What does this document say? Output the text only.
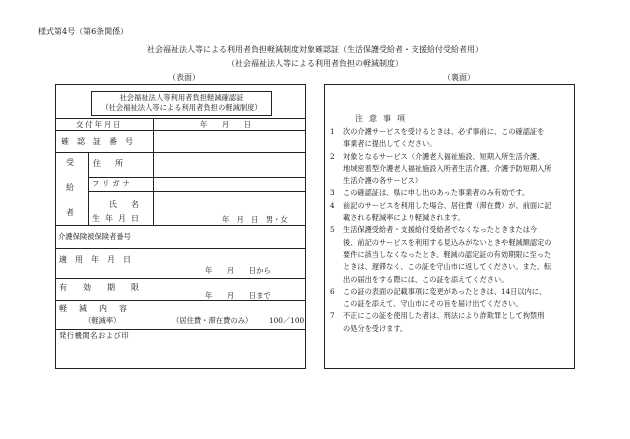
様式第4号（第6条関係）
社会福祉法人等による利用者負担軽減制度対象確認証（生活保護受給者・支援給付受給者用）
（社会福祉法人等による利用者負担の軽減制度）
（表面）	（裏面）
社会福祉法人等利用者負担軽減確認証
（社会福祉法人等による利用者負担の軽減制度）
交付年月日	年　　月　　日
確認証番号
受
給
者
住所
フリガナ
氏名
生年月日	年　月　日　男・女
介護保険被保険者番号
適用年月日
年　　月　　日から
有効期限
年　　月　　日まで
軽減内容
（軽減率）	（居住費・滞在費のみ） 100／100
発行機関名および印
注意事項

1 次の介護サービスを受けるときは、必ず事前に、この確認証を

事業者に提出してください。

2 対象となるサービス（介護老人福祉施設、短期入所生活介護、

地域密着型介護老人福祉施設入所者生活介護、介護予防短期入所

生活介護の各サービス）

3 この確認証は、県に申し出のあった事業者のみ有効です。

4 前記のサービスを利用した場合、居住費（滞在費）が、前面に記

載される軽減率により軽減されます。

5 生活保護受給者・支援給付受給者でなくなったときまたは今

後、前記のサービスを利用する見込みがないときや軽減額認定の

要件に該当しなくなったとき、軽減の認定証の有効期限に至った

ときは、遅滞なく、この証を守山市に返してください。また、転

出の届出をする際には、この証を添えてください。

6 この証の表面の記載事項に変更があったときは、14日以内に、

この証を添えて、守山市にその旨を届け出てください。

7 不正にこの証を使用した者は、刑法により詐欺罪として拘禁刑

の処分を受けます。
